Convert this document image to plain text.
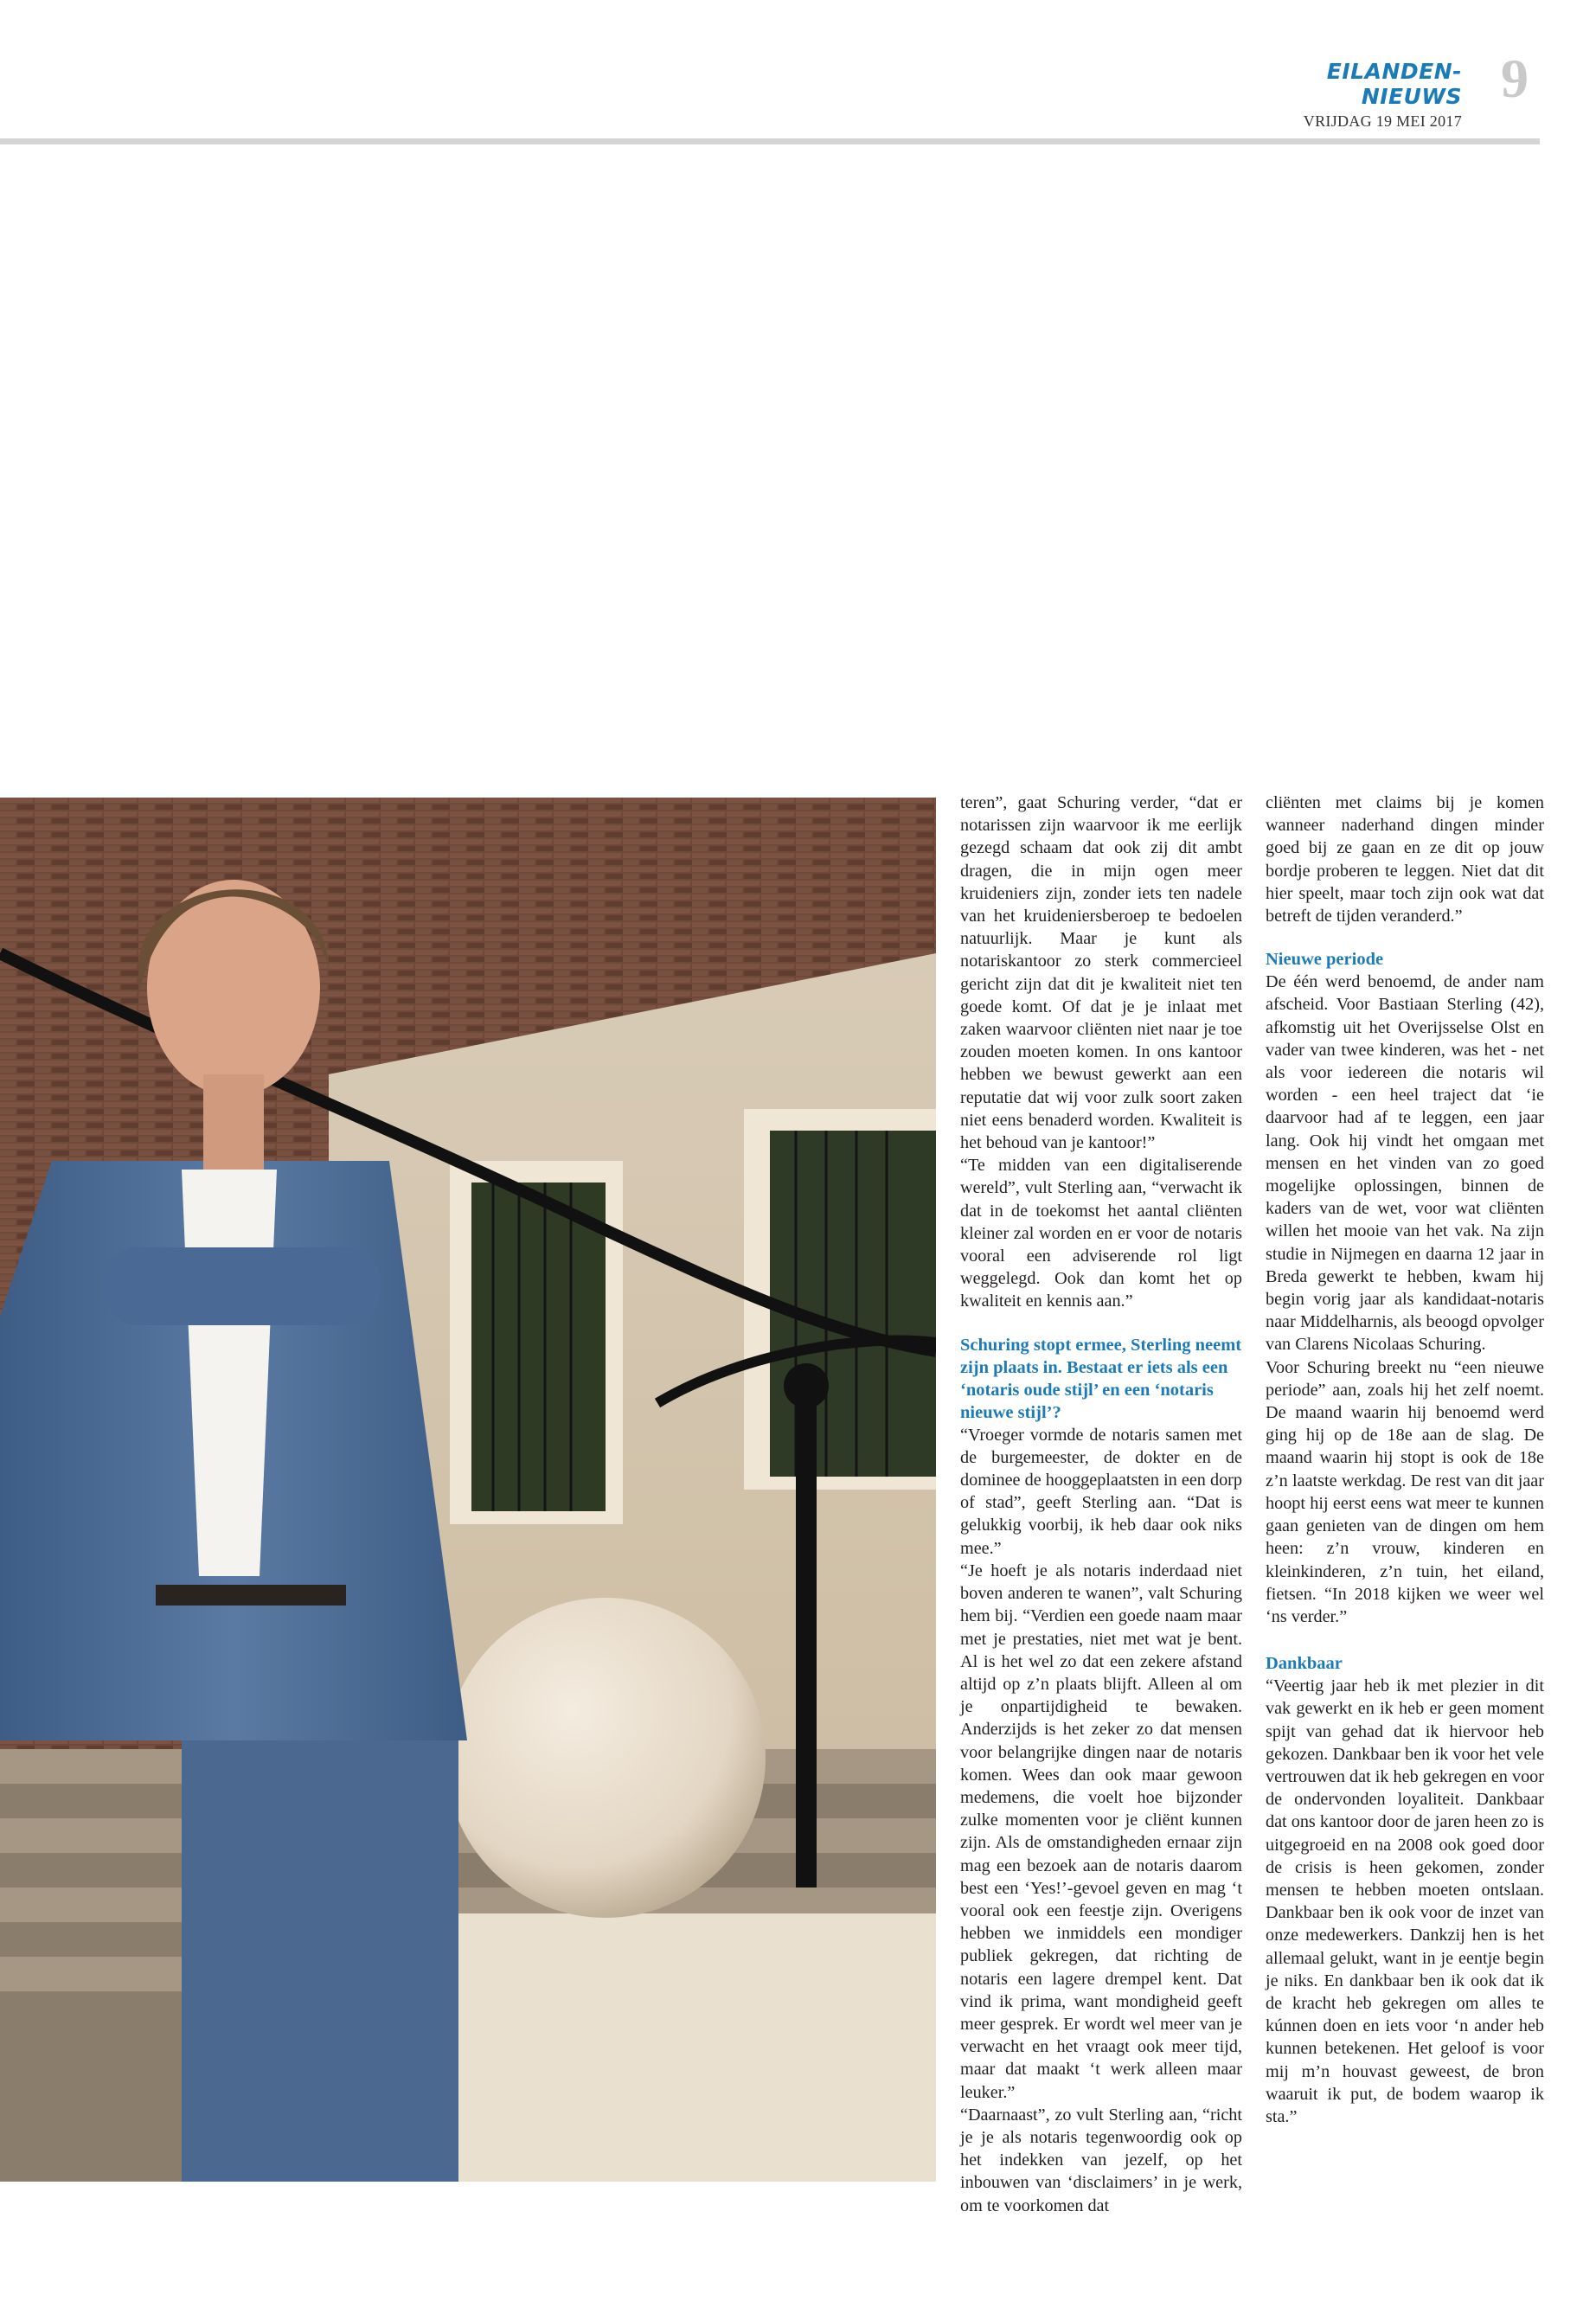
EILANDEN-NIEUWS
VRIJDAG 19 MEI 2017
9

teren”, gaat Schuring verder, “dat er notarissen zijn waarvoor ik me eerlijk gezegd schaam dat ook zij dit ambt dragen, die in mijn ogen meer kruideniers zijn, zonder iets ten nadele van het kruideniersberoep te bedoelen natuurlijk. Maar je kunt als notariskantoor zo sterk commercieel gericht zijn dat dit je kwaliteit niet ten goede komt. Of dat je je inlaat met zaken waarvoor cliënten niet naar je toe zouden moeten komen. In ons kantoor hebben we bewust gewerkt aan een reputatie dat wij voor zulk soort zaken niet eens benaderd worden. Kwaliteit is het behoud van je kantoor!”

“Te midden van een digitaliserende wereld”, vult Sterling aan, “verwacht ik dat in de toekomst het aantal cliënten kleiner zal worden en er voor de notaris vooral een adviserende rol ligt weggelegd. Ook dan komt het op kwaliteit en kennis aan.”

Schuring stopt ermee, Sterling neemt zijn plaats in. Bestaat er iets als een ‘notaris oude stijl’ en een ‘notaris nieuwe stijl’?

“Vroeger vormde de notaris samen met de burgemeester, de dokter en de dominee de hooggeplaatsten in een dorp of stad”, geeft Sterling aan. “Dat is gelukkig voorbij, ik heb daar ook niks mee.”

“Je hoeft je als notaris inderdaad niet boven anderen te wanen”, valt Schuring hem bij. “Verdien een goede naam maar met je prestaties, niet met wat je bent. Al is het wel zo dat een zekere afstand altijd op z’n plaats blijft. Alleen al om je onpartijdigheid te bewaken. Anderzijds is het zeker zo dat mensen voor belangrijke dingen naar de notaris komen. Wees dan ook maar gewoon medemens, die voelt hoe bijzonder zulke momenten voor je cliënt kunnen zijn. Als de omstandigheden ernaar zijn mag een bezoek aan de notaris daarom best een ‘Yes!’-gevoel geven en mag ‘t vooral ook een feestje zijn. Overigens hebben we inmiddels een mondiger publiek gekregen, dat richting de notaris een lagere drempel kent. Dat vind ik prima, want mondigheid geeft meer gesprek. Er wordt wel meer van je verwacht en het vraagt ook meer tijd, maar dat maakt ‘t werk alleen maar leuker.”

“Daarnaast”, zo vult Sterling aan, “richt je je als notaris tegenwoordig ook op het indekken van jezelf, op het inbouwen van ‘disclaimers’ in je werk, om te voorkomen dat

cliënten met claims bij je komen wanneer naderhand dingen minder goed bij ze gaan en ze dit op jouw bordje proberen te leggen. Niet dat dit hier speelt, maar toch zijn ook wat dat betreft de tijden veranderd.”

Nieuwe periode

De één werd benoemd, de ander nam afscheid. Voor Bastiaan Sterling (42), afkomstig uit het Overijsselse Olst en vader van twee kinderen, was het - net als voor iedereen die notaris wil worden - een heel traject dat ‘ie daarvoor had af te leggen, een jaar lang. Ook hij vindt het omgaan met mensen en het vinden van zo goed mogelijke oplossingen, binnen de kaders van de wet, voor wat cliënten willen het mooie van het vak. Na zijn studie in Nijmegen en daarna 12 jaar in Breda gewerkt te hebben, kwam hij begin vorig jaar als kandidaat-notaris naar Middelharnis, als beoogd opvolger van Clarens Nicolaas Schuring.

Voor Schuring breekt nu “een nieuwe periode” aan, zoals hij het zelf noemt. De maand waarin hij benoemd werd ging hij op de 18e aan de slag. De maand waarin hij stopt is ook de 18e z’n laatste werkdag. De rest van dit jaar hoopt hij eerst eens wat meer te kunnen gaan genieten van de dingen om hem heen: z’n vrouw, kinderen en kleinkinderen, z’n tuin, het eiland, fietsen. “In 2018 kijken we weer wel ‘ns verder.”

Dankbaar

“Veertig jaar heb ik met plezier in dit vak gewerkt en ik heb er geen moment spijt van gehad dat ik hiervoor heb gekozen. Dankbaar ben ik voor het vele vertrouwen dat ik heb gekregen en voor de ondervonden loyaliteit. Dankbaar dat ons kantoor door de jaren heen zo is uitgegroeid en na 2008 ook goed door de crisis is heen gekomen, zonder mensen te hebben moeten ontslaan. Dankbaar ben ik ook voor de inzet van onze medewerkers. Dankzij hen is het allemaal gelukt, want in je eentje begin je niks. En dankbaar ben ik ook dat ik de kracht heb gekregen om alles te kúnnen doen en iets voor ‘n ander heb kunnen betekenen. Het geloof is voor mij m’n houvast geweest, de bron waaruit ik put, de bodem waarop ik sta.”
